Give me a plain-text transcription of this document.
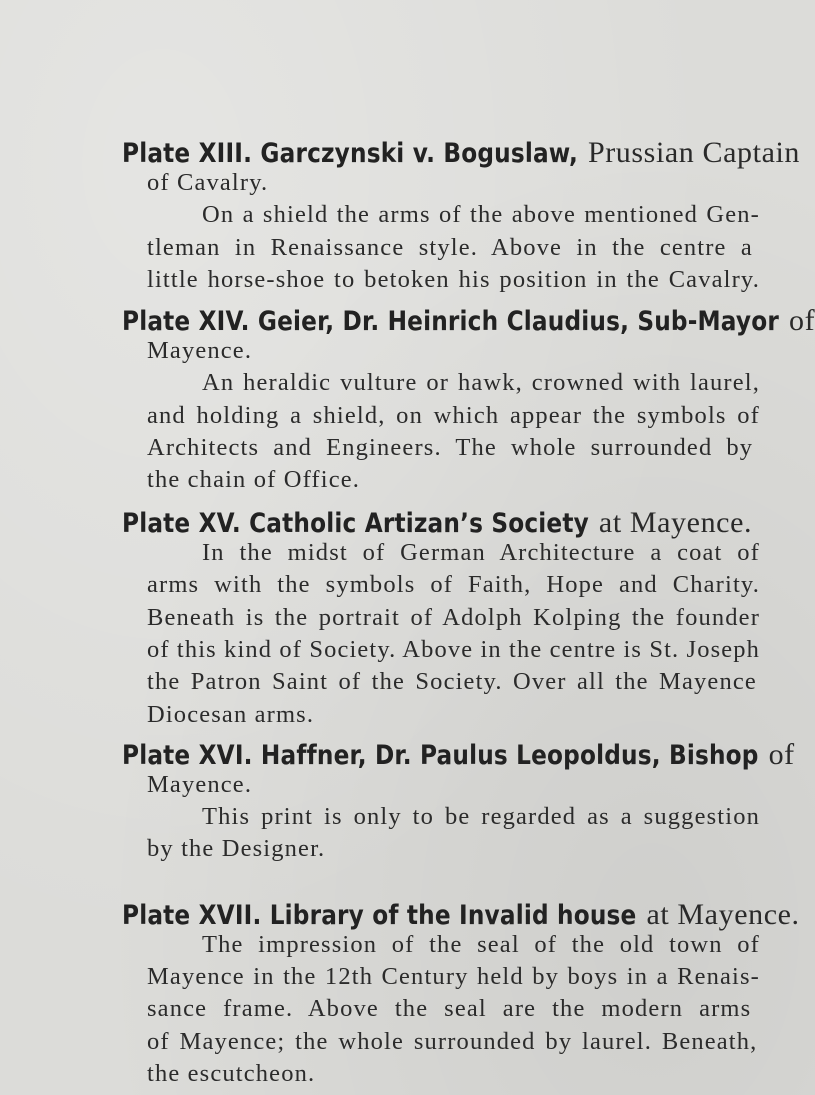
Plate XIII. Garczynski v. Boguslaw, Prussian Captain
of Cavalry.
On a shield the arms of the above mentioned Gen-
tleman in Renaissance style. Above in the centre a
little horse-shoe to betoken his position in the Cavalry.
Plate XIV. Geier, Dr. Heinrich Claudius, Sub-Mayor of
Mayence.
An heraldic vulture or hawk, crowned with laurel,
and holding a shield, on which appear the symbols of
Architects and Engineers. The whole surrounded by
the chain of Office.
Plate XV. Catholic Artizan’s Society at Mayence.
In the midst of German Architecture a coat of
arms with the symbols of Faith, Hope and Charity.
Beneath is the portrait of Adolph Kolping the founder
of this kind of Society. Above in the centre is St. Joseph
the Patron Saint of the Society. Over all the Mayence
Diocesan arms.
Plate XVI. Haffner, Dr. Paulus Leopoldus, Bishop of
Mayence.
This print is only to be regarded as a suggestion
by the Designer.
Plate XVII. Library of the Invalid house at Mayence.
The impression of the seal of the old town of
Mayence in the 12th Century held by boys in a Renais-
sance frame. Above the seal are the modern arms
of Mayence; the whole surrounded by laurel. Beneath,
the escutcheon.
